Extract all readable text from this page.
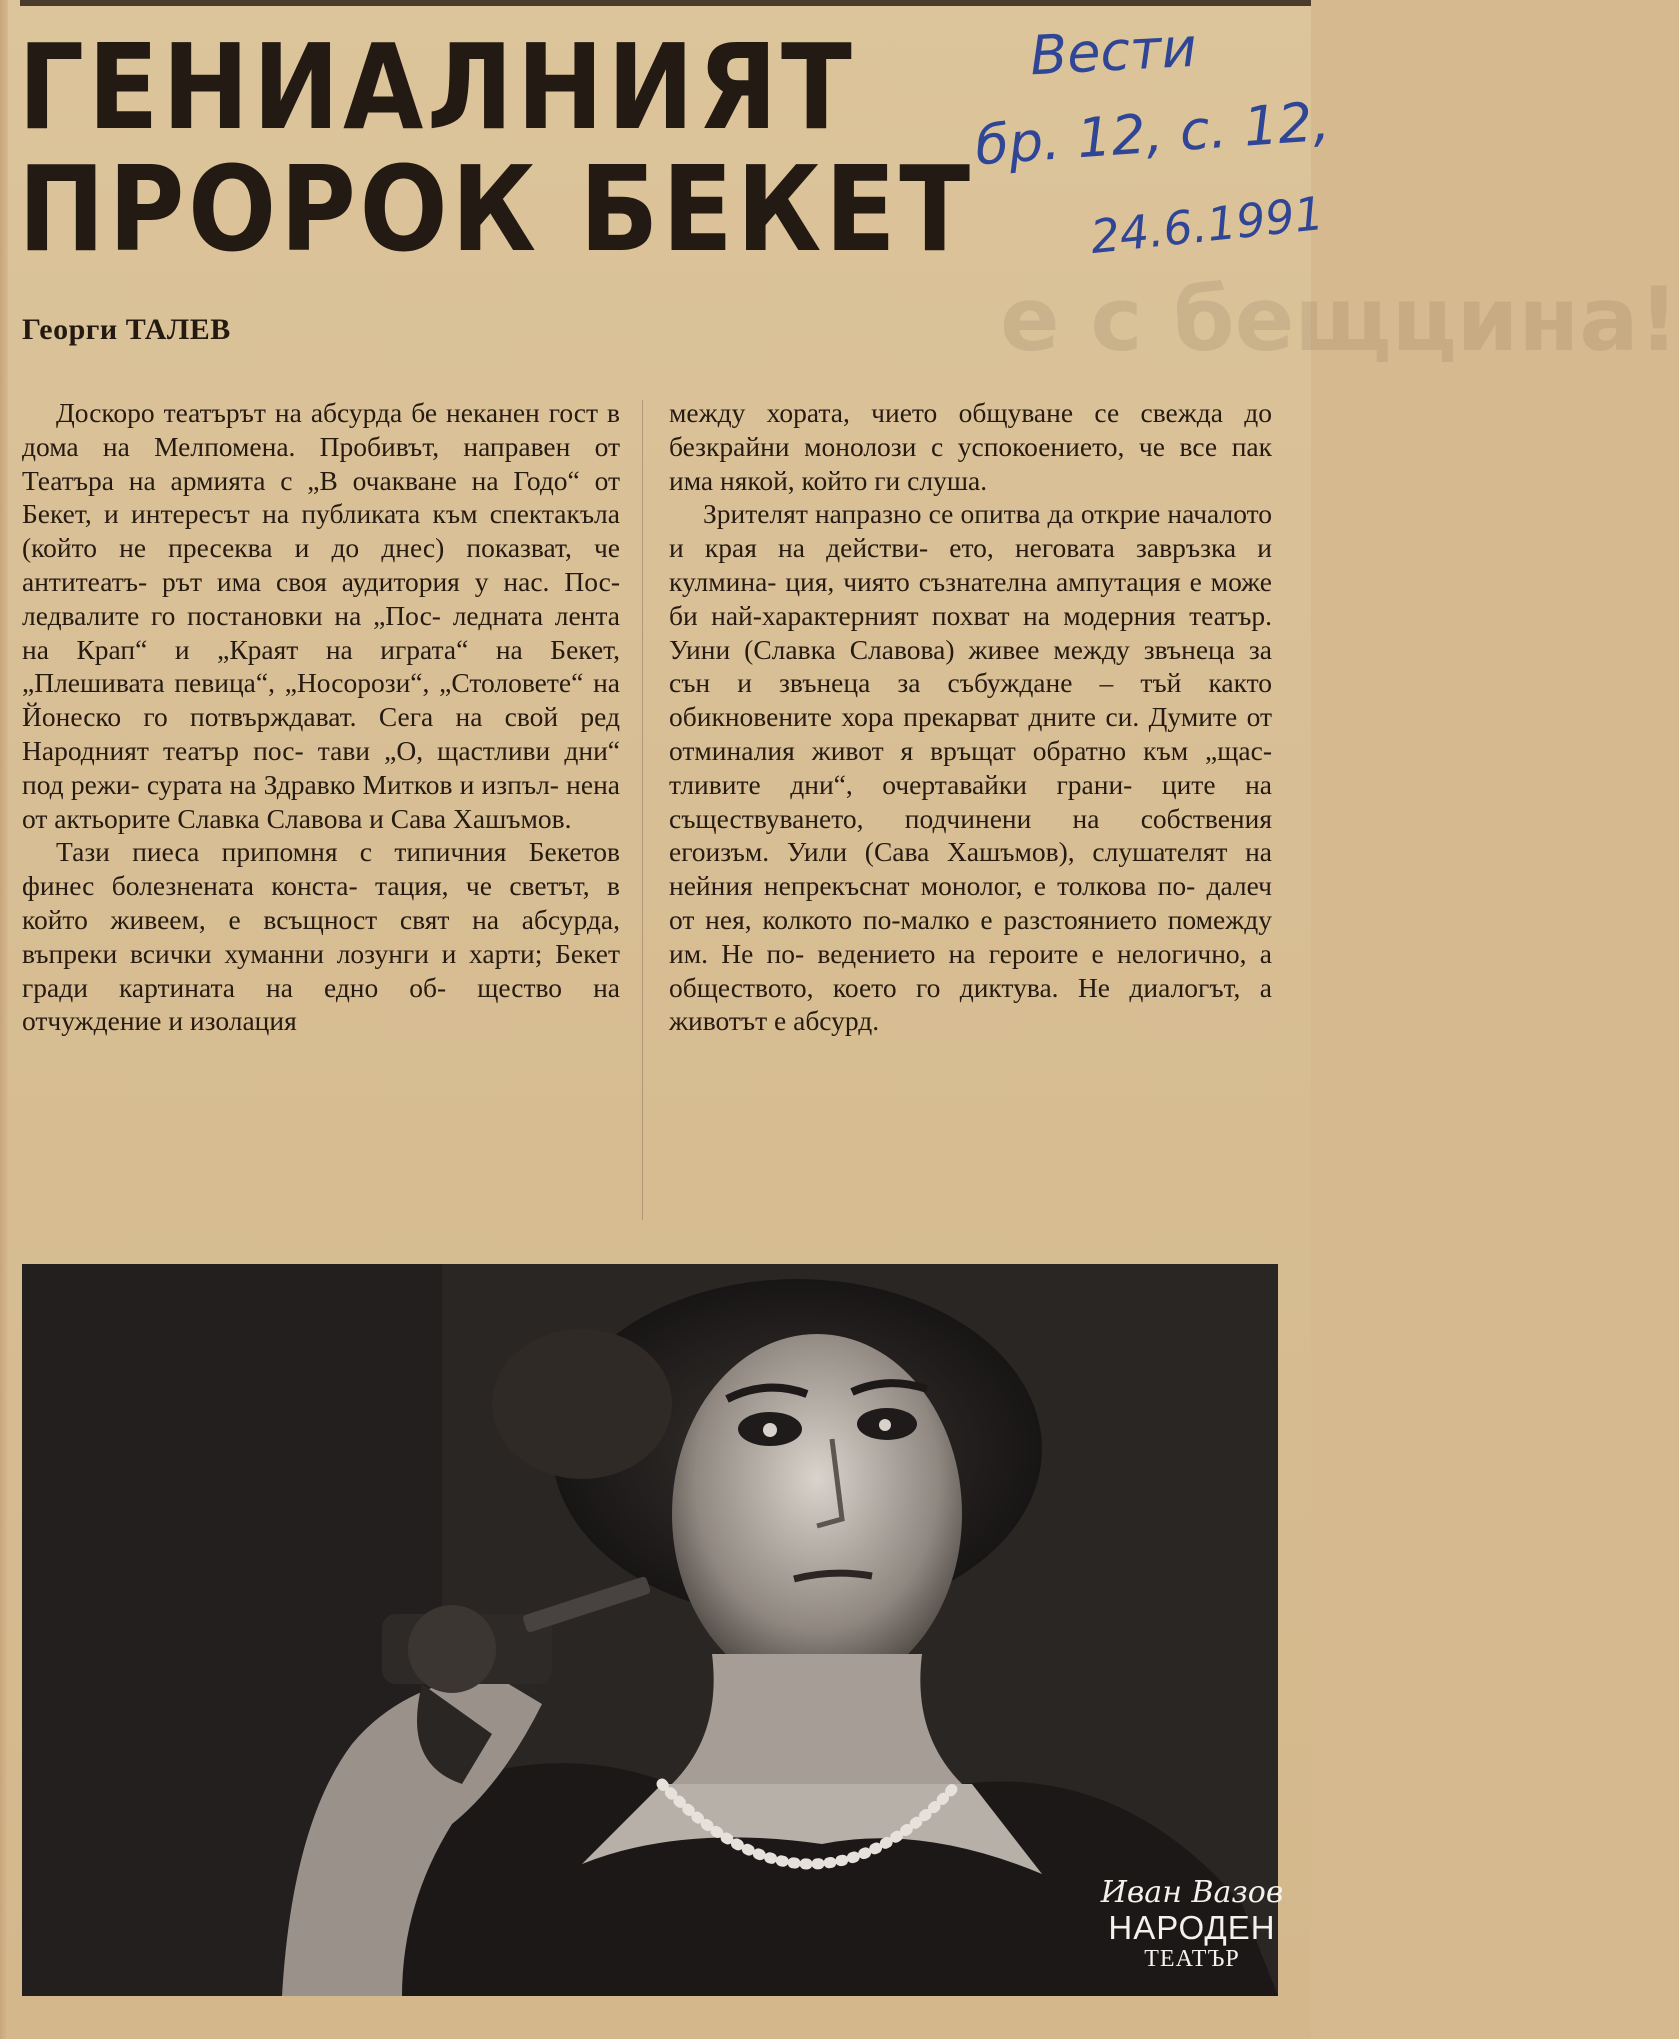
ГЕНИАЛНИЯТ
ПРОРОК БЕКЕТ
Вести
бр. 12, с. 12,
24.6.1991
е с бещцина!
Георги ТАЛЕВ

Доскоро театърът на абсурда бе неканен гост в дома на Мелпомена. Пробивът, направен от Театъра на армията с „В очакване на Годо“ от Бекет, и интересът на публиката към спектакъла (който не пресеква и до днес) показват, че антитеатъ- рът има своя аудитория у нас. Пос- ледвалите го постановки на „Пос- ледната лента на Крап“ и „Краят на играта“ на Бекет, „Плешивата певица“, „Носорози“, „Столовете“ на Йонеско го потвърждават. Сега на свой ред Народният театър пос- тави „О, щастливи дни“ под режи- сурата на Здравко Митков и изпъл- нена от актьорите Славка Славова и Сава Хашъмов.

Тази пиеса припомня с типичния Бекетов финес болезнената конста- тация, че светът, в който живеем, е всъщност свят на абсурда, въпреки всички хуманни лозунги и харти; Бекет гради картината на едно об- щество на отчуждение и изолация

между хората, чието общуване се свежда до безкрайни монолози с успокоението, че все пак има някой, който ги слуша.

Зрителят напразно се опитва да открие началото и края на действи- ето, неговата завръзка и кулмина- ция, чиято съзнателна ампутация е може би най-характерният похват на модерния театър. Уини (Славка Славова) живее между звънеца за сън и звънеца за събуждане – тъй както обикновените хора прекарват дните си. Думите от отминалия живот я връщат обратно към „щас- тливите дни“, очертавайки грани- ците на съществуването, подчинени на собствения егоизъм. Уили (Сава Хашъмов), слушателят на нейния непрекъснат монолог, е толкова по- далеч от нея, колкото по-малко е разстоянието помежду им. Не по- ведението на героите е нелогично, а обществото, което го диктува. Не диалогът, а животът е абсурд.

Иван Вазов
НАРОДЕН
ТЕАТЪР
